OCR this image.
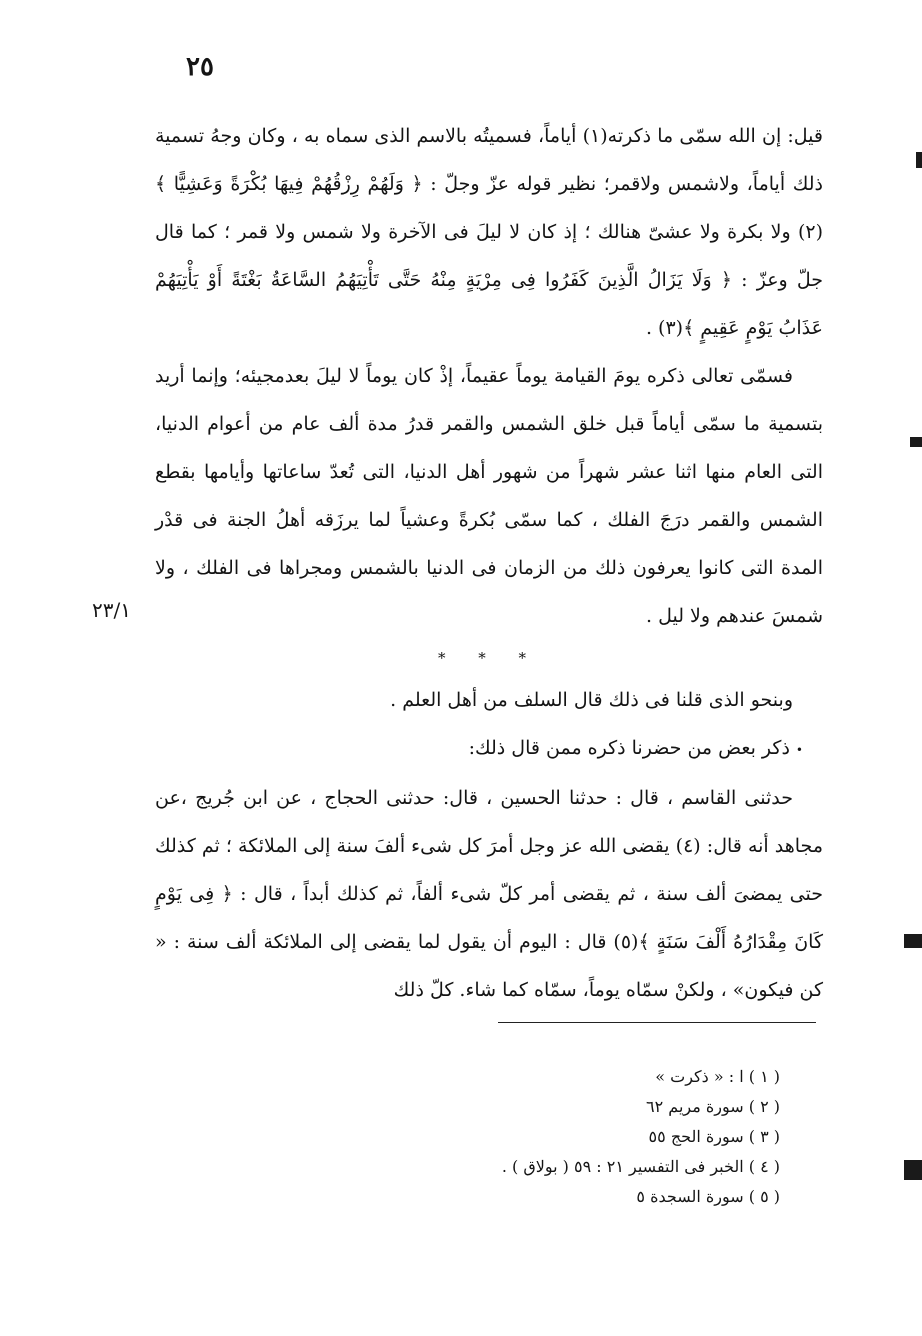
٢٥
٢٣/١

قيل: إن الله سمّى ما ذكرته(١) أياماً، فسميتُه بالاسم الذى سماه به ، وكان وجهُ تسمية ذلك أياماً، ولاشمس ولاقمر؛ نظير قوله عزّ وجلّ : ﴿ وَلَهُمْ رِزْقُهُمْ فِيهَا بُكْرَةً وَعَشِيًّا ﴾(٢) ولا بكرة ولا عشىّ هنالك ؛ إذ كان لا ليلَ فى الآخرة ولا شمس ولا قمر ؛ كما قال جلّ وعزّ : ﴿ وَلَا يَزَالُ الَّذِينَ كَفَرُوا فِى مِرْيَةٍ مِنْهُ حَتَّى تَأْتِيَهُمُ السَّاعَةُ بَغْتَةً أَوْ يَأْتِيَهُمْ عَذَابُ يَوْمٍ عَقِيمٍ ﴾(٣) .

فسمّى تعالى ذكره يومَ القيامة يوماً عقيماً، إذْ كان يوماً لا ليلَ بعدمجيئه؛ وإنما أريد بتسمية ما سمّى أياماً قبل خلق الشمس والقمر قدرُ مدة ألف عام من أعوام الدنيا، التى العام منها اثنا عشر شهراً من شهور أهل الدنيا، التى تُعدّ ساعاتها وأيامها بقطع الشمس والقمر درَجَ الفلك ، كما سمّى بُكرةً وعشياً لما يرزَقه أهلُ الجنة فى قدْر المدة التى كانوا يعرفون ذلك من الزمان فى الدنيا بالشمس ومجراها فى الفلك ، ولا شمسَ عندهم ولا ليل .

* * *

وبنحو الذى قلنا فى ذلك قال السلف من أهل العلم .

•ذكر بعض من حضرنا ذكره ممن قال ذلك:

حدثنى القاسم ، قال : حدثنا الحسين ، قال: حدثنى الحجاج ، عن ابن جُريج ،عن مجاهد أنه قال: (٤) يقضى الله عز وجل أمرَ كل شىء ألفَ سنة إلى الملائكة ؛ ثم كذلك حتى يمضىَ ألف سنة ، ثم يقضى أمر كلّ شىء ألفاً، ثم كذلك أبداً ، قال : ﴿ فِى يَوْمٍ كَانَ مِقْدَارُهُ أَلْفَ سَنَةٍ ﴾(٥) قال : اليوم أن يقول لما يقضى إلى الملائكة ألف سنة : « كن فيكون» ، ولكنْ سمّاه يوماً، سمّاه كما شاء. كلّ ذلك

( ١ ) ا : « ذكرت »
( ٢ ) سورة مريم ٦٢
( ٣ ) سورة الحج ٥٥
( ٤ ) الخبر فى التفسير ٢١ : ٥٩ ( بولاق ) .
( ٥ ) سورة السجدة ٥
